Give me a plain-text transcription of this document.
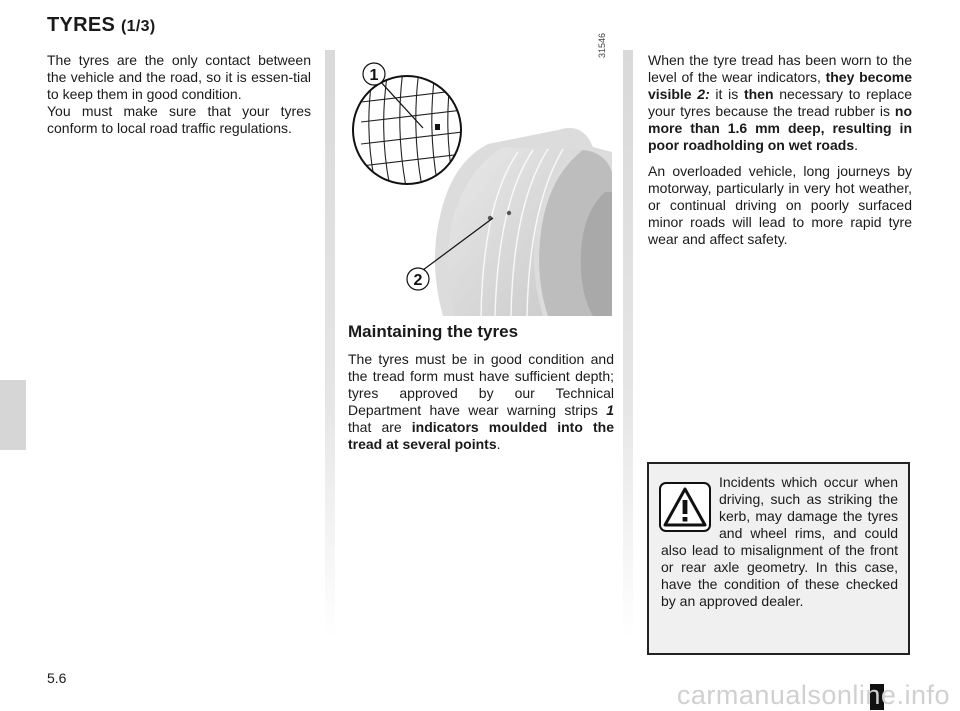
TYRES (1/3)

The tyres are the only contact between the vehicle and the road, so it is essen-tial to keep them in good condition.

You must make sure that your tyres conform to local road traffic regulations.

1
2
31546
Maintaining the tyres

The tyres must be in good condition and the tread form must have sufficient depth; tyres approved by our Technical Department have wear warning strips 1 that are indicators moulded into the tread at several points.

When the tyre tread has been worn to the level of the wear indicators, they become visible 2: it is then necessary to replace your tyres because the tread rubber is no more than 1.6 mm deep, resulting in poor roadholding on wet roads.

An overloaded vehicle, long journeys by motorway, particularly in very hot weather, or continual driving on poorly surfaced minor roads will lead to more rapid tyre wear and affect safety.

Incidents which occur when driving, such as striking the kerb, may damage the tyres and wheel rims, and could also lead to misalignment of the front or rear axle geometry. In this case, have the condition of these checked by an approved dealer.
5.6
carmanualsonline.info
